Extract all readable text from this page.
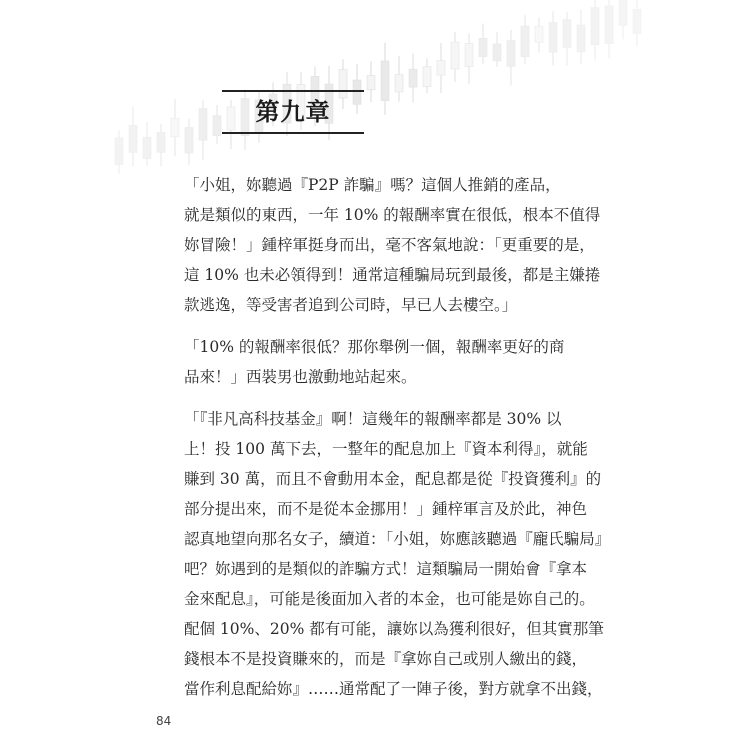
第九章
「小姐，妳聽過『P2P 詐騙』嗎？這個人推銷的產品，
就是類似的東西，一年 10% 的報酬率實在很低，根本不值得
妳冒險！」鍾梓軍挺身而出，毫不客氣地說：「更重要的是，
這 10% 也未必領得到！通常這種騙局玩到最後，都是主嫌捲
款逃逸，等受害者追到公司時，早已人去樓空。」
「10% 的報酬率很低？那你舉例一個，報酬率更好的商
品來！」西裝男也激動地站起來。
「『非凡高科技基金』啊！這幾年的報酬率都是 30% 以
上！投 100 萬下去，一整年的配息加上『資本利得』，就能
賺到 30 萬，而且不會動用本金，配息都是從『投資獲利』的
部分提出來，而不是從本金挪用！」鍾梓軍言及於此，神色
認真地望向那名女子，續道：「小姐，妳應該聽過『龐氏騙局』
吧？妳遇到的是類似的詐騙方式！這類騙局一開始會『拿本
金來配息』，可能是後面加入者的本金，也可能是妳自己的。
配個 10%、20% 都有可能，讓妳以為獲利很好，但其實那筆
錢根本不是投資賺來的，而是『拿妳自己或別人繳出的錢，
當作利息配給妳』……通常配了一陣子後，對方就拿不出錢，
84
